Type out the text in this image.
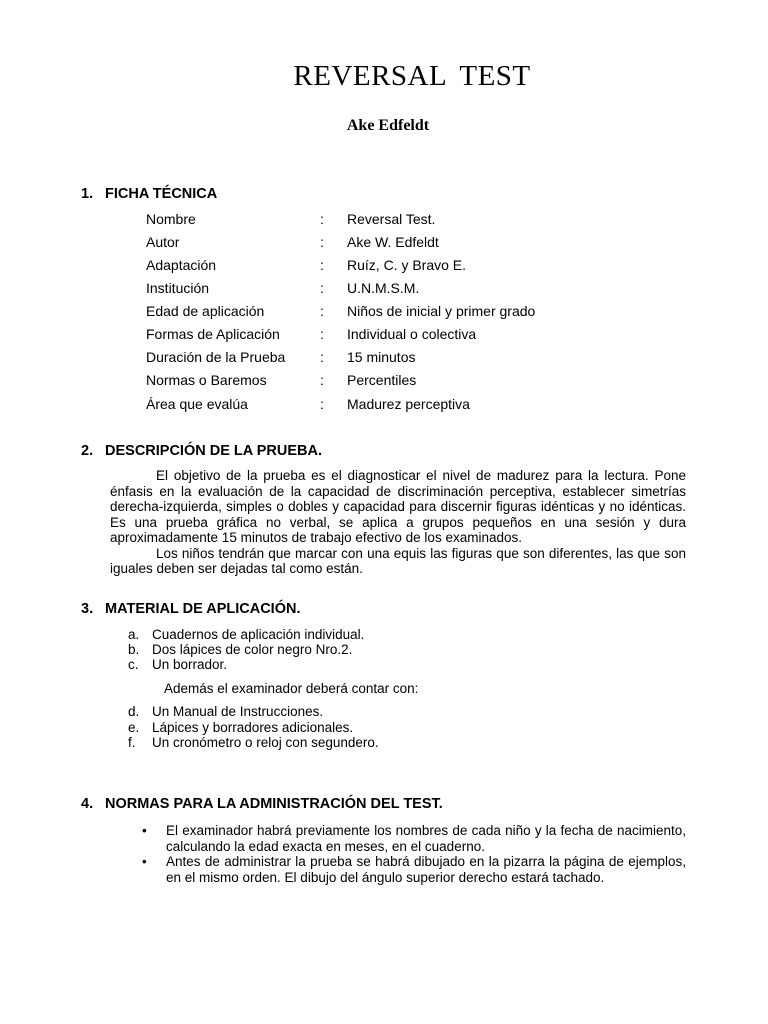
REVERSAL TEST
Ake Edfeldt
1. FICHA TÉCNICA
Nombre	: Reversal Test.
Autor	: Ake W. Edfeldt
Adaptación	: Ruíz, C. y Bravo E.
Institución	: U.N.M.S.M.
Edad de aplicación	: Niños de inicial y primer grado
Formas de Aplicación	: Individual o colectiva
Duración de la Prueba : 15 minutos
Normas o Baremos	: Percentiles
Área que evalúa	: Madurez perceptiva
2. DESCRIPCIÓN DE LA PRUEBA.

El objetivo de la prueba es el diagnosticar el nivel de madurez para la lectura. Pone énfasis en la evaluación de la capacidad de discriminación perceptiva, establecer simetrías derecha-izquierda, simples o dobles y capacidad para discernir figuras idénticas y no idénticas. Es una prueba gráfica no verbal, se aplica a grupos pequeños en una sesión y dura aproximadamente 15 minutos de trabajo efectivo de los examinados.

Los niños tendrán que marcar con una equis las figuras que son diferentes, las que son iguales deben ser dejadas tal como están.

3. MATERIAL DE APLICACIÓN.
a. Cuadernos de aplicación individual.
b. Dos lápices de color negro Nro.2.
c. Un borrador.
Además el examinador deberá contar con:
d. Un Manual de Instrucciones.
e. Lápices y borradores adicionales.
f. Un cronómetro o reloj con segundero.
4. NORMAS PARA LA ADMINISTRACIÓN DEL TEST.
• El examinador habrá previamente los nombres de cada niño y la fecha de nacimiento, calculando la edad exacta en meses, en el cuaderno.
• Antes de administrar la prueba se habrá dibujado en la pizarra la página de ejemplos, en el mismo orden. El dibujo del ángulo superior derecho estará tachado.
